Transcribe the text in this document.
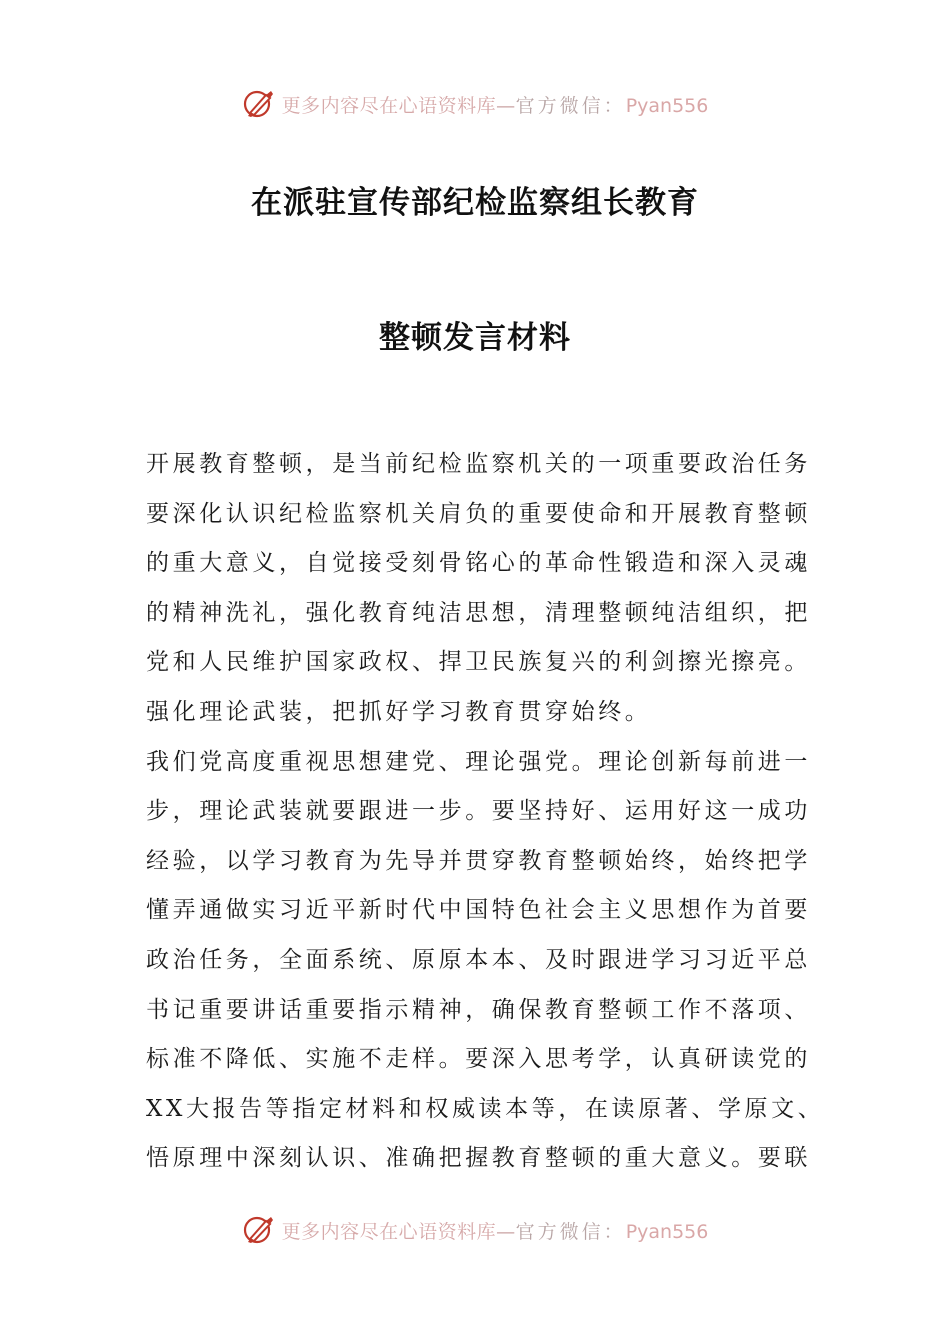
更多内容尽在心语资料库—官方微信：Pyan556
在派驻宣传部纪检监察组长教育
整顿发言材料
开展教育整顿，是当前纪检监察机关的一项重要政治任务
要深化认识纪检监察机关肩负的重要使命和开展教育整顿
的重大意义，自觉接受刻骨铭心的革命性锻造和深入灵魂
的精神洗礼，强化教育纯洁思想，清理整顿纯洁组织，把
党和人民维护国家政权、捍卫民族复兴的利剑擦光擦亮。
强化理论武装，把抓好学习教育贯穿始终。
我们党高度重视思想建党、理论强党。理论创新每前进一
步，理论武装就要跟进一步。要坚持好、运用好这一成功
经验，以学习教育为先导并贯穿教育整顿始终，始终把学
懂弄通做实习近平新时代中国特色社会主义思想作为首要
政治任务，全面系统、原原本本、及时跟进学习习近平总
书记重要讲话重要指示精神，确保教育整顿工作不落项、
标准不降低、实施不走样。要深入思考学，认真研读党的
XX大报告等指定材料和权威读本等，在读原著、学原文、
悟原理中深刻认识、准确把握教育整顿的重大意义。要联
更多内容尽在心语资料库—官方微信：Pyan556
